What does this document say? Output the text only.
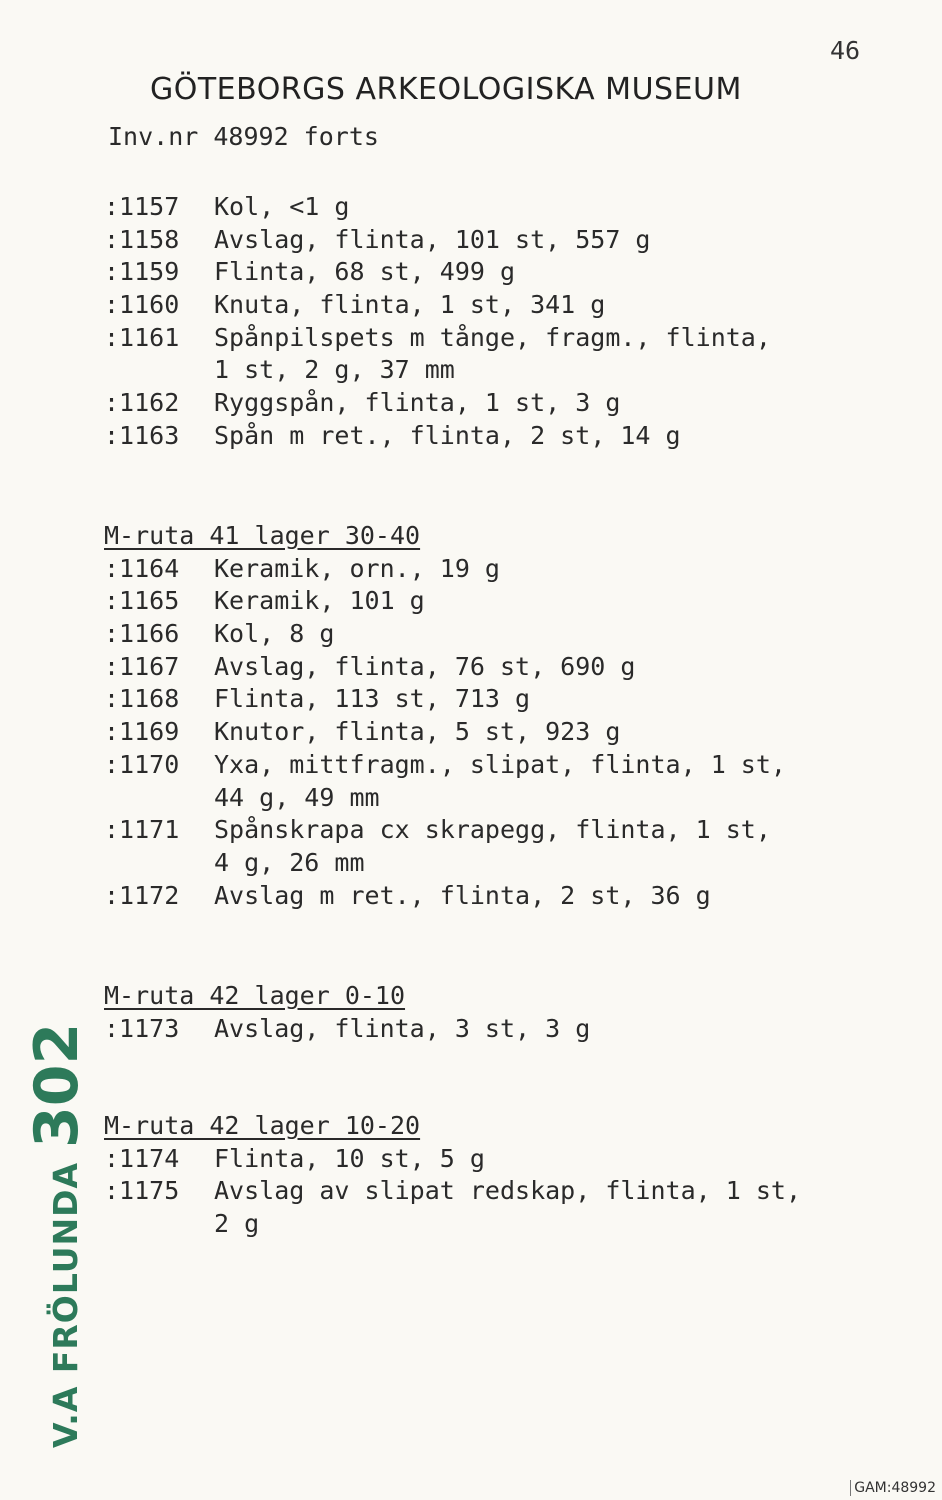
46
GÖTEBORGS ARKEOLOGISKA MUSEUM
Inv.nr 48992 forts
:1157 Kol, <1 g
:1158 Avslag, flinta, 101 st, 557 g
:1159 Flinta, 68 st, 499 g
:1160 Knuta, flinta, 1 st, 341 g
:1161 Spånpilspets m tånge, fragm., flinta,
1 st, 2 g, 37 mm
:1162 Ryggspån, flinta, 1 st, 3 g
:1163 Spån m ret., flinta, 2 st, 14 g
M-ruta 41 lager 30-40
:1164 Keramik, orn., 19 g
:1165 Keramik, 101 g
:1166 Kol, 8 g
:1167 Avslag, flinta, 76 st, 690 g
:1168 Flinta, 113 st, 713 g
:1169 Knutor, flinta, 5 st, 923 g
:1170 Yxa, mittfragm., slipat, flinta, 1 st,
44 g, 49 mm
:1171 Spånskrapa cx skrapegg, flinta, 1 st,
4 g, 26 mm
:1172 Avslag m ret., flinta, 2 st, 36 g
M-ruta 42 lager 0-10
:1173 Avslag, flinta, 3 st, 3 g
M-ruta 42 lager 10-20
:1174 Flinta, 10 st, 5 g
:1175 Avslag av slipat redskap, flinta, 1 st,
2 g
V.A FRÖLUNDA302
GAM:48992
